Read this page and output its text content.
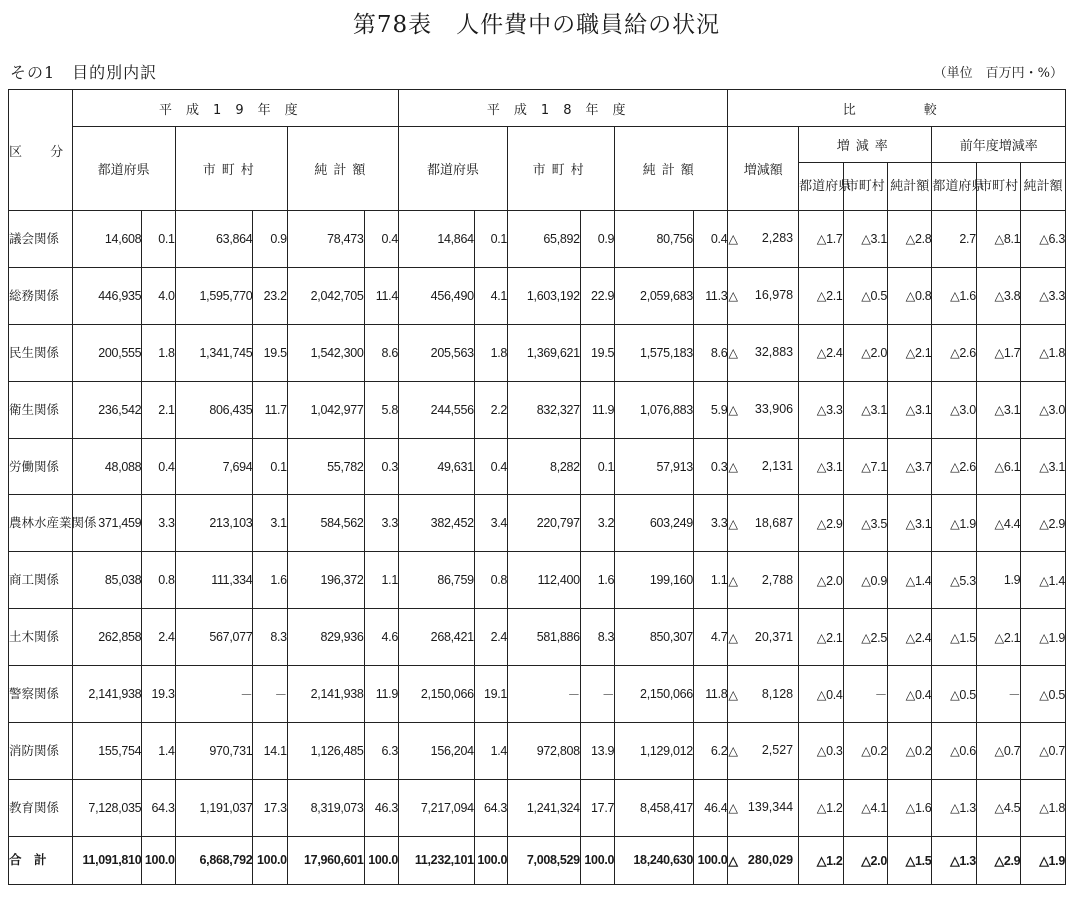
第78表　人件費中の職員給の状況
その1　目的別内訳	（単位　百万円・%）
区 分	平成19年度						平成18年度						比　　較						
	都道府県		市町村		純計額		都道府県		市町村		純計額		増減額	増減率			前年度増減率		
														都道府県	市町村	純計額	都道府県	市町村	純計額
議会関係	14,608	0.1	63,864	0.9	78,473	0.4	14,864	0.1	65,892	0.9	80,756	0.4	△ 2,283	△1.7	△3.1	△2.8	2.7	△8.1	△6.3
総務関係	446,935	4.0	1,595,770	23.2	2,042,705	11.4	456,490	4.1	1,603,192	22.9	2,059,683	11.3	△ 16,978	△2.1	△0.5	△0.8	△1.6	△3.8	△3.3
民生関係	200,555	1.8	1,341,745	19.5	1,542,300	8.6	205,563	1.8	1,369,621	19.5	1,575,183	8.6	△ 32,883	△2.4	△2.0	△2.1	△2.6	△1.7	△1.8
衛生関係	236,542	2.1	806,435	11.7	1,042,977	5.8	244,556	2.2	832,327	11.9	1,076,883	5.9	△ 33,906	△3.3	△3.1	△3.1	△3.0	△3.1	△3.0
労働関係	48,088	0.4	7,694	0.1	55,782	0.3	49,631	0.4	8,282	0.1	57,913	0.3	△ 2,131	△3.1	△7.1	△3.7	△2.6	△6.1	△3.1
農林水産業関係	371,459	3.3	213,103	3.1	584,562	3.3	382,452	3.4	220,797	3.2	603,249	3.3	△ 18,687	△2.9	△3.5	△3.1	△1.9	△4.4	△2.9
商工関係	85,038	0.8	111,334	1.6	196,372	1.1	86,759	0.8	112,400	1.6	199,160	1.1	△ 2,788	△2.0	△0.9	△1.4	△5.3	1.9	△1.4
土木関係	262,858	2.4	567,077	8.3	829,936	4.6	268,421	2.4	581,886	8.3	850,307	4.7	△ 20,371	△2.1	△2.5	△2.4	△1.5	△2.1	△1.9
警察関係	2,141,938	19.3	－	－	2,141,938	11.9	2,150,066	19.1	－	－	2,150,066	11.8	△ 8,128	△0.4	－	△0.4	△0.5	－	△0.5
消防関係	155,754	1.4	970,731	14.1	1,126,485	6.3	156,204	1.4	972,808	13.9	1,129,012	6.2	△ 2,527	△0.3	△0.2	△0.2	△0.6	△0.7	△0.7
教育関係	7,128,035	64.3	1,191,037	17.3	8,319,073	46.3	7,217,094	64.3	1,241,324	17.7	8,458,417	46.4	△ 139,344	△1.2	△4.1	△1.6	△1.3	△4.5	△1.8
合　計	11,091,810	100.0	6,868,792	100.0	17,960,601	100.0	11,232,101	100.0	7,008,529	100.0	18,240,630	100.0	△ 280,029	△1.2	△2.0	△1.5	△1.3	△2.9	△1.9
